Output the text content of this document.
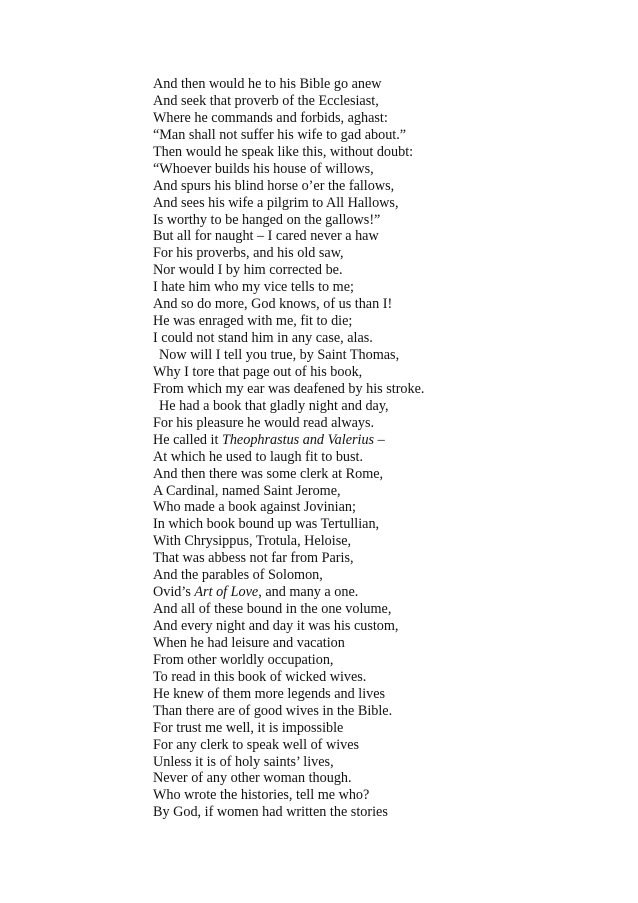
And then would he to his Bible go anew
And seek that proverb of the Ecclesiast,
Where he commands and forbids, aghast:
“Man shall not suffer his wife to gad about.”
Then would he speak like this, without doubt:
“Whoever builds his house of willows,
And spurs his blind horse o’er the fallows,
And sees his wife a pilgrim to All Hallows,
Is worthy to be hanged on the gallows!”
But all for naught – I cared never a haw
For his proverbs, and his old saw,
Nor would I by him corrected be.
I hate him who my vice tells to me;
And so do more, God knows, of us than I!
He was enraged with me, fit to die;
I could not stand him in any case, alas.
Now will I tell you true, by Saint Thomas,
Why I tore that page out of his book,
From which my ear was deafened by his stroke.
He had a book that gladly night and day,
For his pleasure he would read always.
He called it Theophrastus and Valerius –
At which he used to laugh fit to bust.
And then there was some clerk at Rome,
A Cardinal, named Saint Jerome,
Who made a book against Jovinian;
In which book bound up was Tertullian,
With Chrysippus, Trotula, Heloise,
That was abbess not far from Paris,
And the parables of Solomon,
Ovid’s Art of Love, and many a one.
And all of these bound in the one volume,
And every night and day it was his custom,
When he had leisure and vacation
From other worldly occupation,
To read in this book of wicked wives.
He knew of them more legends and lives
Than there are of good wives in the Bible.
For trust me well, it is impossible
For any clerk to speak well of wives
Unless it is of holy saints’ lives,
Never of any other woman though.
Who wrote the histories, tell me who?
By God, if women had written the stories
